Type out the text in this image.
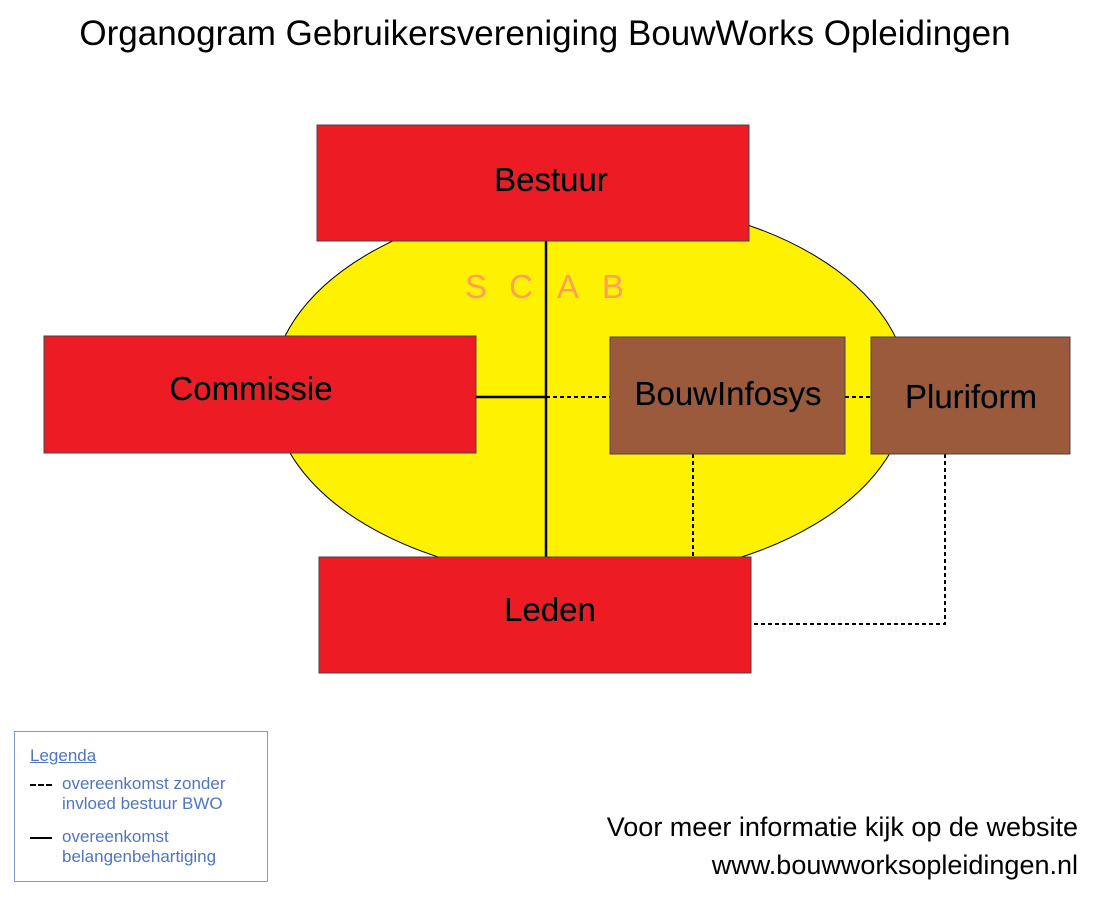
Organogram Gebruikersvereniging BouwWorks Opleidingen
Bestuur
Commissie
Leden
BouwInfosys	Pluriform
S C A B
Legenda
overeenkomst zonder
invloed bestuur BWO
overeenkomst
belangenbehartiging
Voor meer informatie kijk op de website
www.bouwworksopleidingen.nl
